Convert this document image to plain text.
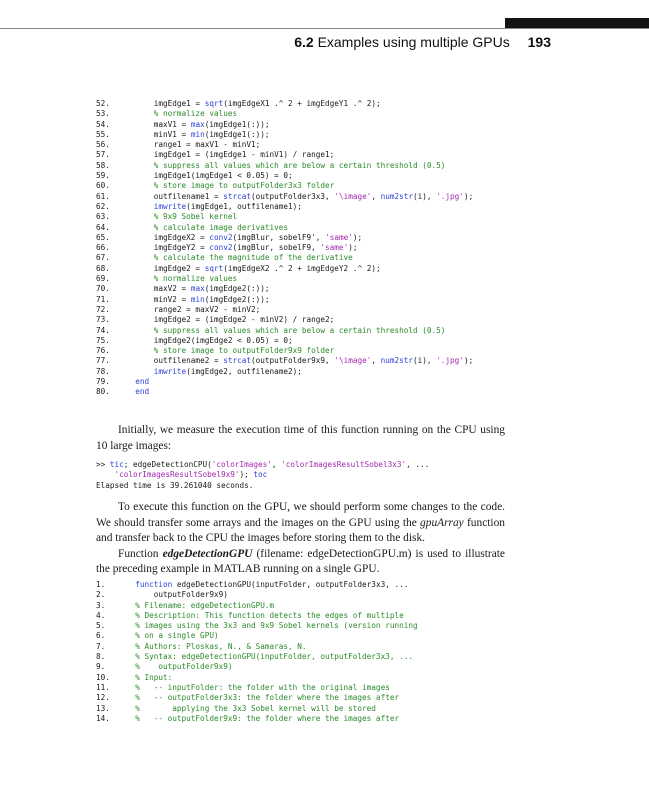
6.2 Examples using multiple GPUs 193
52.	imgEdge1 = sqrt(imgEdgeX1 .^ 2 + imgEdgeY1 .^ 2);
53.	% normalize values
54.	maxV1 = max(imgEdge1(:));
55.	minV1 = min(imgEdge1(:));
56.	range1 = maxV1 - minV1;
57.	imgEdge1 = (imgEdge1 - minV1) / range1;
58.	% suppress all values which are below a certain threshold (0.5)
59.	imgEdge1(imgEdge1 < 0.05) = 0;
60.	% store image to outputFolder3x3 folder
61.	outfilename1 = strcat(outputFolder3x3, '\image', num2str(i), '.jpg');
62.	imwrite(imgEdge1, outfilename1);
63.	% 9x9 Sobel kernel
64.	% calculate image derivatives
65.	imgEdgeX2 = conv2(imgBlur, sobelF9', 'same');
66.	imgEdgeY2 = conv2(imgBlur, sobelF9, 'same');
67.	% calculate the magnitude of the derivative
68.	imgEdge2 = sqrt(imgEdgeX2 .^ 2 + imgEdgeY2 .^ 2);
69.	% normalize values
70.	maxV2 = max(imgEdge2(:));
71.	minV2 = min(imgEdge2(:));
72.	range2 = maxV2 - minV2;
73.	imgEdge2 = (imgEdge2 - minV2) / range2;
74.	% suppress all values which are below a certain threshold (0.5)
75.	imgEdge2(imgEdge2 < 0.05) = 0;
76.	% store image to outputFolder9x9 folder
77.	outfilename2 = strcat(outputFolder9x9, '\image', num2str(i), '.jpg');
78.	imwrite(imgEdge2, outfilename2);
79.	end
80.	end
Initially, we measure the execution time of this function running on the CPU using 10 large images:
>> tic; edgeDetectionCPU('colorImages', 'colorImagesResultSobel3x3', ...
'colorImagesResultSobel9x9'); toc
Elapsed time is 39.261040 seconds.
To execute this function on the GPU, we should perform some changes to the code. We should transfer some arrays and the images on the GPU using the gpuArray function and transfer back to the CPU the images before storing them to the disk.
Function edgeDetectionGPU (filename: edgeDetectionGPU.m) is used to illustrate the preceding example in MATLAB running on a single GPU.
1.	function edgeDetectionGPU(inputFolder, outputFolder3x3, ...
2.	outputFolder9x9)
3.	% Filename: edgeDetectionGPU.m
4.	% Description: This function detects the edges of multiple
5.	% images using the 3x3 and 9x9 Sobel kernels (version running
6.	% on a single GPU)
7.	% Authors: Ploskas, N., & Samaras, N.
8.	% Syntax: edgeDetectionGPU(inputFolder, outputFolder3x3, ...
9.	%    outputFolder9x9)
10.	% Input:
11.	%   -- inputFolder: the folder with the original images
12.	%   -- outputFolder3x3: the folder where the images after
13.	%       applying the 3x3 Sobel kernel will be stored
14.	%   -- outputFolder9x9: the folder where the images after
